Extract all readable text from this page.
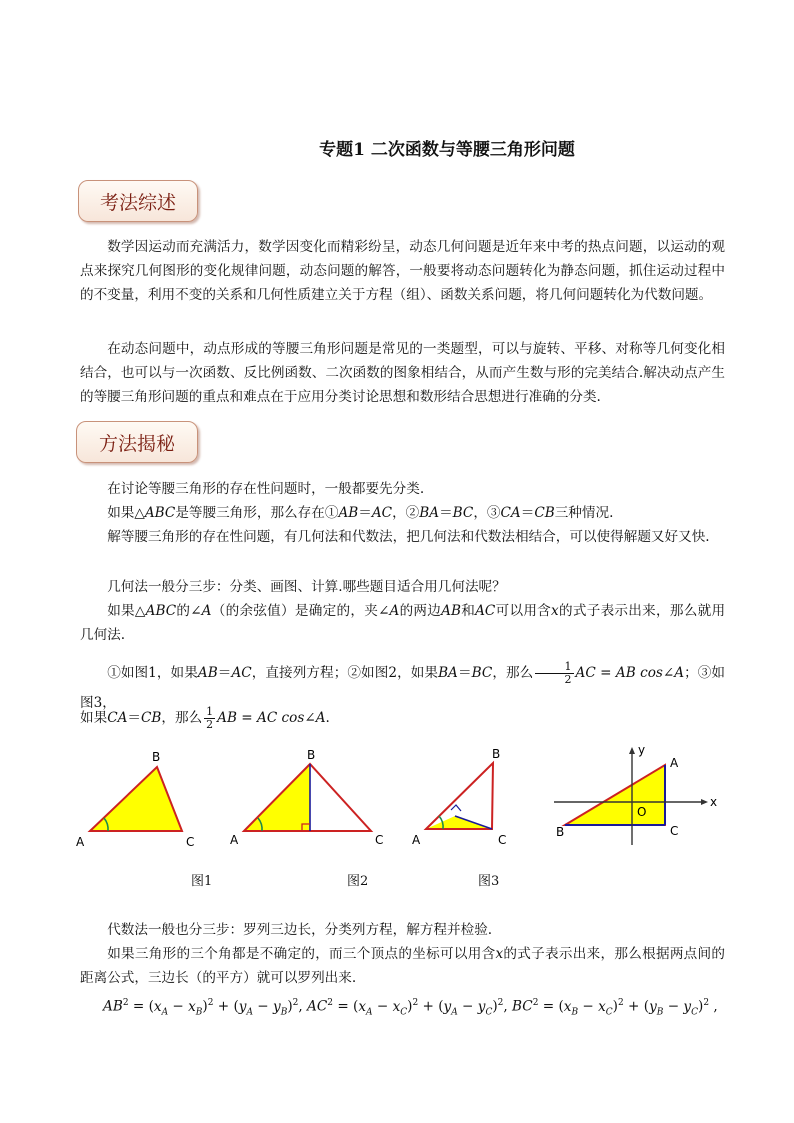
专题1 二次函数与等腰三角形问题
考法综述
数学因运动而充满活力，数学因变化而精彩纷呈，动态几何问题是近年来中考的热点问题，以运动的观点来探究几何图形的变化规律问题，动态问题的解答，一般要将动态问题转化为静态问题，抓住运动过程中的不变量，利用不变的关系和几何性质建立关于方程（组）、函数关系问题，将几何问题转化为代数问题。
在动态问题中，动点形成的等腰三角形问题是常见的一类题型，可以与旋转、平移、对称等几何变化相结合，也可以与一次函数、反比例函数、二次函数的图象相结合，从而产生数与形的完美结合.解决动点产生的等腰三角形问题的重点和难点在于应用分类讨论思想和数形结合思想进行准确的分类.
方法揭秘
在讨论等腰三角形的存在性问题时，一般都要先分类.
如果△ABC是等腰三角形，那么存在①AB＝AC，②BA＝BC，③CA＝CB三种情况.
解等腰三角形的存在性问题，有几何法和代数法，把几何法和代数法相结合，可以使得解题又好又快.
几何法一般分三步：分类、画图、计算.哪些题目适合用几何法呢？
如果△ABC的∠A（的余弦值）是确定的，夹∠A的两边AB和AC可以用含x的式子表示出来，那么就用几何法.
①如图1，如果AB＝AC，直接列方程；②如图2，如果BA＝BC，那么 $\frac{1}{2}$ AC = AB cos∠A；③如图3，
如果CA＝CB，那么 $\frac{1}{2}$ AB = AC cos∠A.
A
B
C	A
B
C A
B
C
y
x
O
A
B	C
图1	图2	图3
代数法一般也分三步：罗列三边长，分类列方程，解方程并检验.
如果三角形的三个角都是不确定的，而三个顶点的坐标可以用含x的式子表示出来，那么根据两点间的距离公式，三边长（的平方）就可以罗列出来.
$AB^2 = (x_A - x_B)^2 + (y_A - y_B)^2$, $AC^2 = (x_A - x_C)^2 + (y_A - y_C)^2$, $BC^2 = (x_B - x_C)^2 + (y_B - y_C)^2$ ,
